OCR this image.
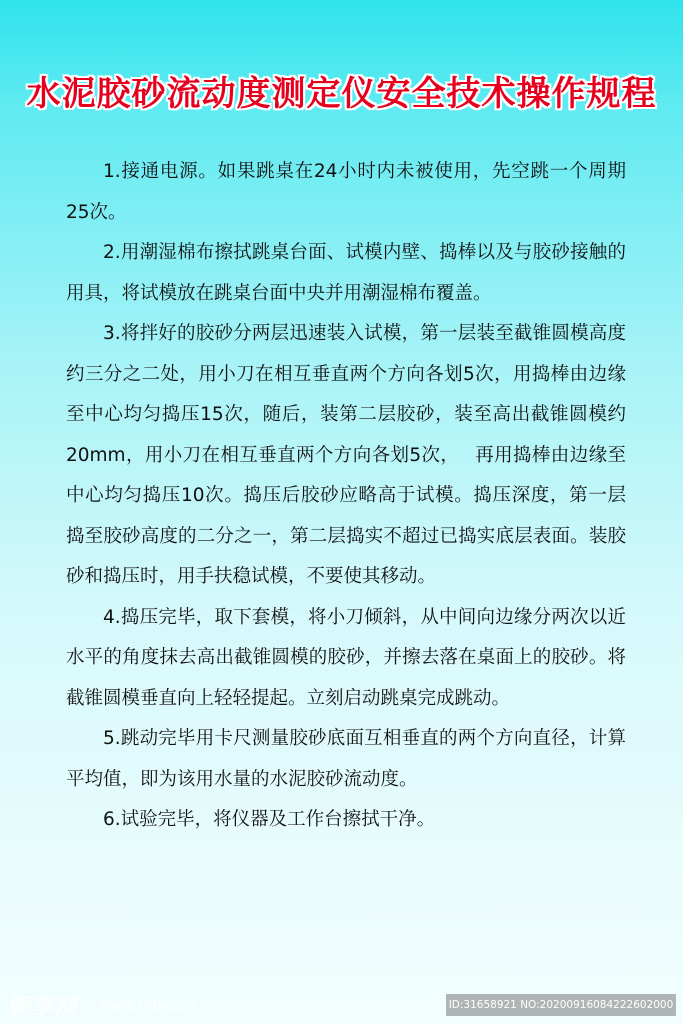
水泥胶砂流动度测定仪安全技术操作规程

1.接通电源。如果跳桌在24小时内未被使用，先空跳一个周期25次。

2.用潮湿棉布擦拭跳桌台面、试模内壁、捣棒以及与胶砂接触的用具，将试模放在跳桌台面中央并用潮湿棉布覆盖。

3.将拌好的胶砂分两层迅速装入试模，第一层装至截锥圆模高度约三分之二处，用小刀在相互垂直两个方向各划5次，用捣棒由边缘至中心均匀捣压15次，随后，装第二层胶砂，装至高出截锥圆模约20mm，用小刀在相互垂直两个方向各划5次，　 再用捣棒由边缘至中心均匀捣压10次。捣压后胶砂应略高于试模。捣压深度，第一层捣至胶砂高度的二分之一，第二层捣实不超过已捣实底层表面。装胶砂和捣压时，用手扶稳试模，不要使其移动。

4.捣压完毕，取下套模，将小刀倾斜，从中间向边缘分两次以近水平的角度抹去高出截锥圆模的胶砂，并擦去落在桌面上的胶砂。将截锥圆模垂直向上轻轻提起。立刻启动跳桌完成跳动。

5.跳动完毕用卡尺测量胶砂底面互相垂直的两个方向直径，计算平均值，即为该用水量的水泥胶砂流动度。

6.试验完毕，将仪器及工作台擦拭干净。

昵享网 www.nipic.cn	ID:31658921 NO:20200916084222602000
